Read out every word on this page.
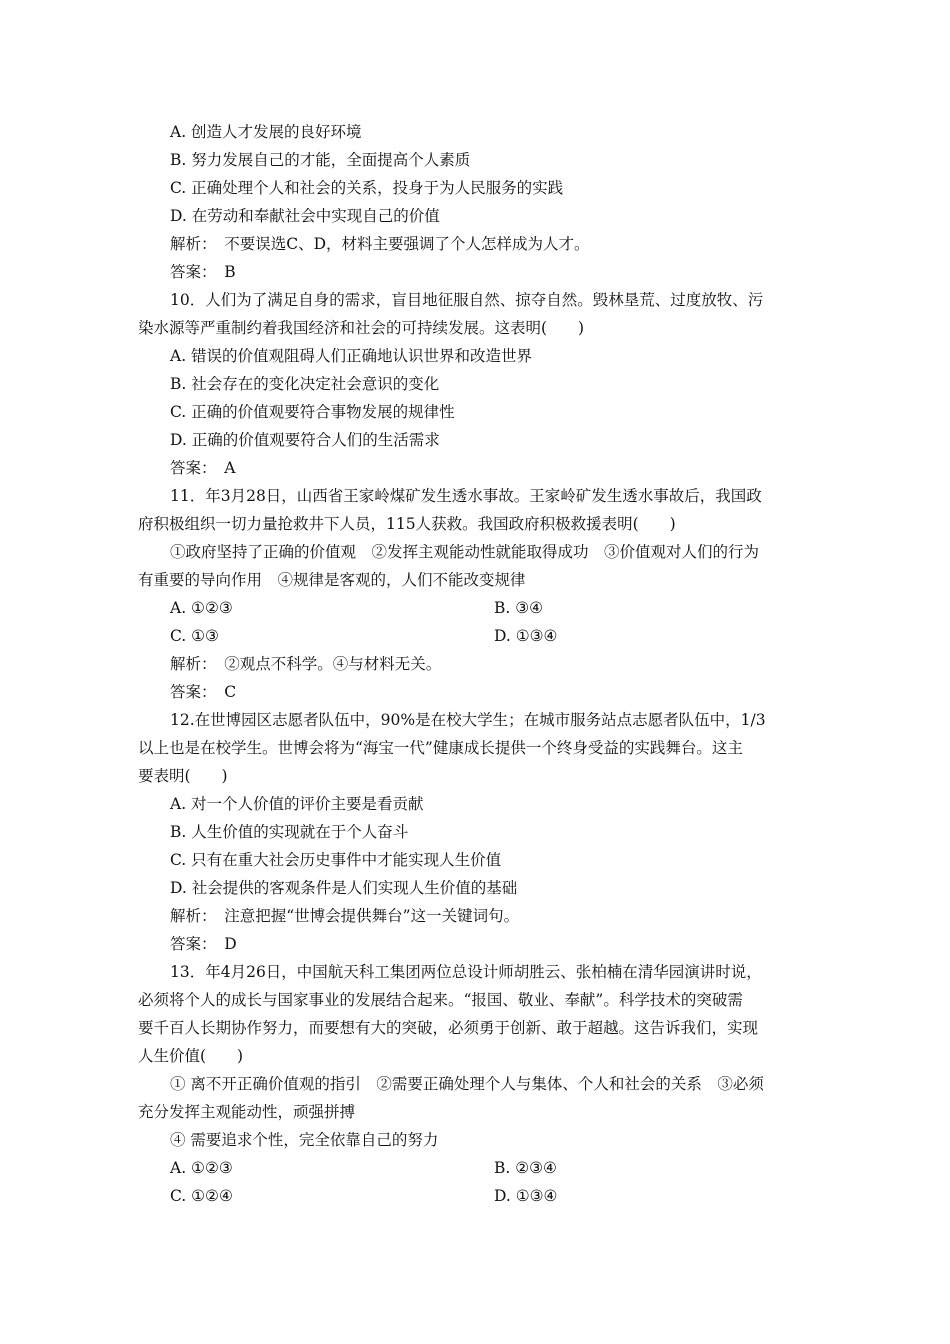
A. 创造人才发展的良好环境
B. 努力发展自己的才能，全面提高个人素质
C. 正确处理个人和社会的关系，投身于为人民服务的实践
D. 在劳动和奉献社会中实现自己的价值
解析：　不要误选C、D，材料主要强调了个人怎样成为人才。
答案：　B
10．人们为了满足自身的需求，盲目地征服自然、掠夺自然。毁林垦荒、过度放牧、污
染水源等严重制约着我国经济和社会的可持续发展。这表明(　　)
A. 错误的价值观阻碍人们正确地认识世界和改造世界
B. 社会存在的变化决定社会意识的变化
C. 正确的价值观要符合事物发展的规律性
D. 正确的价值观要符合人们的生活需求
答案：　A
11．年3月28日，山西省王家岭煤矿发生透水事故。王家岭矿发生透水事故后，我国政
府积极组织一切力量抢救井下人员，115人获救。我国政府积极救援表明(　　)
①政府坚持了正确的价值观　②发挥主观能动性就能取得成功　③价值观对人们的行为
有重要的导向作用　④规律是客观的，人们不能改变规律
A. ①②③	B. ③④
C. ①③	D. ①③④
解析：　②观点不科学。④与材料无关。
答案：　C
12.在世博园区志愿者队伍中，90%是在校大学生；在城市服务站点志愿者队伍中，1/3
以上也是在校学生。世博会将为“海宝一代”健康成长提供一个终身受益的实践舞台。这主
要表明(　　)
A. 对一个人价值的评价主要是看贡献
B. 人生价值的实现就在于个人奋斗
C. 只有在重大社会历史事件中才能实现人生价值
D. 社会提供的客观条件是人们实现人生价值的基础
解析：　注意把握“世博会提供舞台”这一关键词句。
答案：　D
13．年4月26日，中国航天科工集团两位总设计师胡胜云、张柏楠在清华园演讲时说，
必须将个人的成长与国家事业的发展结合起来。“报国、敬业、奉献”。科学技术的突破需
要千百人长期协作努力，而要想有大的突破，必须勇于创新、敢于超越。这告诉我们，实现
人生价值(　　)
① 离不开正确价值观的指引　②需要正确处理个人与集体、个人和社会的关系　③必须
充分发挥主观能动性，顽强拼搏
④ 需要追求个性，完全依靠自己的努力
A. ①②③	B. ②③④
C. ①②④	D. ①③④
